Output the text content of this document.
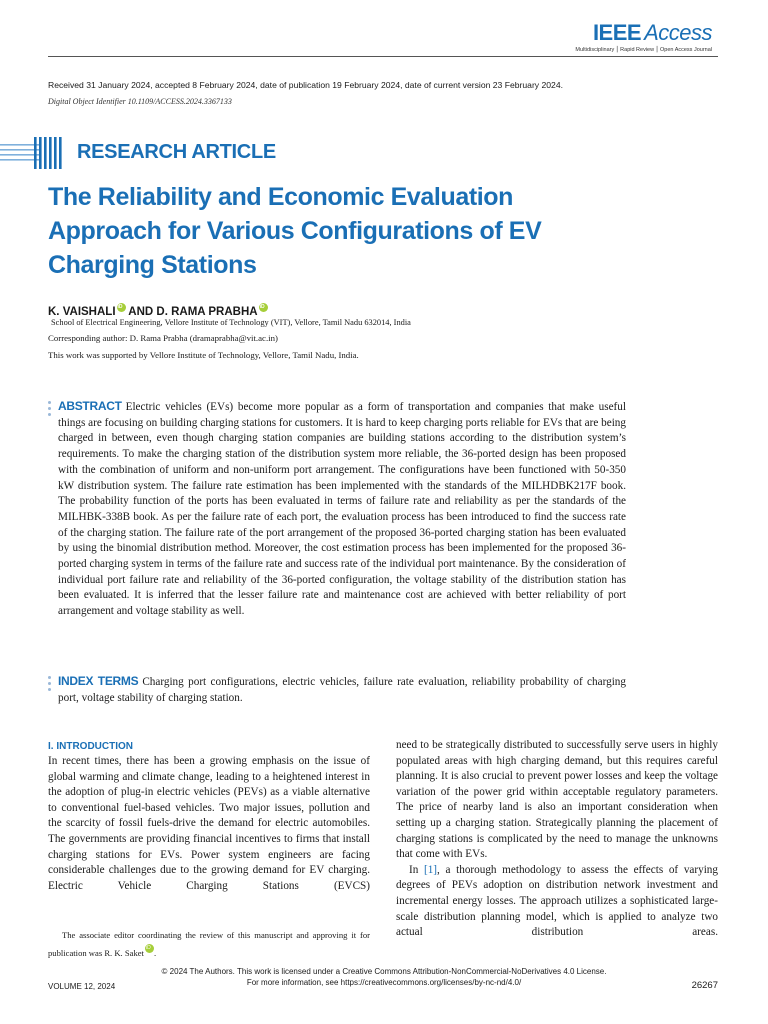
IEEE Access
Multidisciplinary ⎮ Rapid Review ⎮ Open Access Journal
Received 31 January 2024, accepted 8 February 2024, date of publication 19 February 2024, date of current version 23 February 2024.
Digital Object Identifier 10.1109/ACCESS.2024.3367133
RESEARCH ARTICLE
The Reliability and Economic Evaluation Approach for Various Configurations of EV Charging Stations
K. VAISHALIiD AND D. RAMA PRABHAiD
School of Electrical Engineering, Vellore Institute of Technology (VIT), Vellore, Tamil Nadu 632014, India
Corresponding author: D. Rama Prabha (dramaprabha@vit.ac.in)
This work was supported by Vellore Institute of Technology, Vellore, Tamil Nadu, India.
ABSTRACT Electric vehicles (EVs) become more popular as a form of transportation and companies that make useful things are focusing on building charging stations for customers. It is hard to keep charging ports reliable for EVs that are being charged in between, even though charging station companies are building stations according to the distribution system’s requirements. To make the charging station of the distribution system more reliable, the 36-ported design has been proposed with the combination of uniform and non-uniform port arrangement. The configurations have been functioned with 50-350 kW distribution system. The failure rate estimation has been implemented with the standards of the MILHDBK217F book. The probability function of the ports has been evaluated in terms of failure rate and reliability as per the standards of the MILHBK-338B book. As per the failure rate of each port, the evaluation process has been introduced to find the success rate of the charging station. The failure rate of the port arrangement of the proposed 36-ported charging station has been evaluated by using the binomial distribution method. Moreover, the cost estimation process has been implemented for the proposed 36-ported charging system in terms of the failure rate and success rate of the individual port maintenance. By the consideration of individual port failure rate and reliability of the 36-ported configuration, the voltage stability of the distribution station has been evaluated. It is inferred that the lesser failure rate and maintenance cost are achieved with better reliability of port arrangement and voltage stability as well.
INDEX TERMS Charging port configurations, electric vehicles, failure rate evaluation, reliability probability of charging port, voltage stability of charging station.
I. INTRODUCTION

In recent times, there has been a growing emphasis on the issue of global warming and climate change, leading to a heightened interest in the adoption of plug-in electric vehicles (PEVs) as a viable alternative to conventional fuel-based vehicles. Two major issues, pollution and the scarcity of fossil fuels-drive the demand for electric automobiles. The governments are providing financial incentives to firms that install charging stations for EVs. Power system engineers are facing considerable challenges due to the growing demand for EV charging. Electric Vehicle Charging Stations (EVCS)

The associate editor coordinating the review of this manuscript and approving it for publication was R. K. SaketiD .

need to be strategically distributed to successfully serve users in highly populated areas with high charging demand, but this requires careful planning. It is also crucial to prevent power losses and keep the voltage variation of the power grid within acceptable regulatory parameters. The price of nearby land is also an important consideration when setting up a charging station. Strategically planning the placement of charging stations is complicated by the need to manage the unknowns that come with EVs.

In [1], a thorough methodology to assess the effects of varying degrees of PEVs adoption on distribution network investment and incremental energy losses. The approach utilizes a sophisticated large-scale distribution planning model, which is applied to analyze two actual distribution areas.

© 2024 The Authors. This work is licensed under a Creative Commons Attribution-NonCommercial-NoDerivatives 4.0 License.
For more information, see https://creativecommons.org/licenses/by-nc-nd/4.0/
VOLUME 12, 2024	26267
